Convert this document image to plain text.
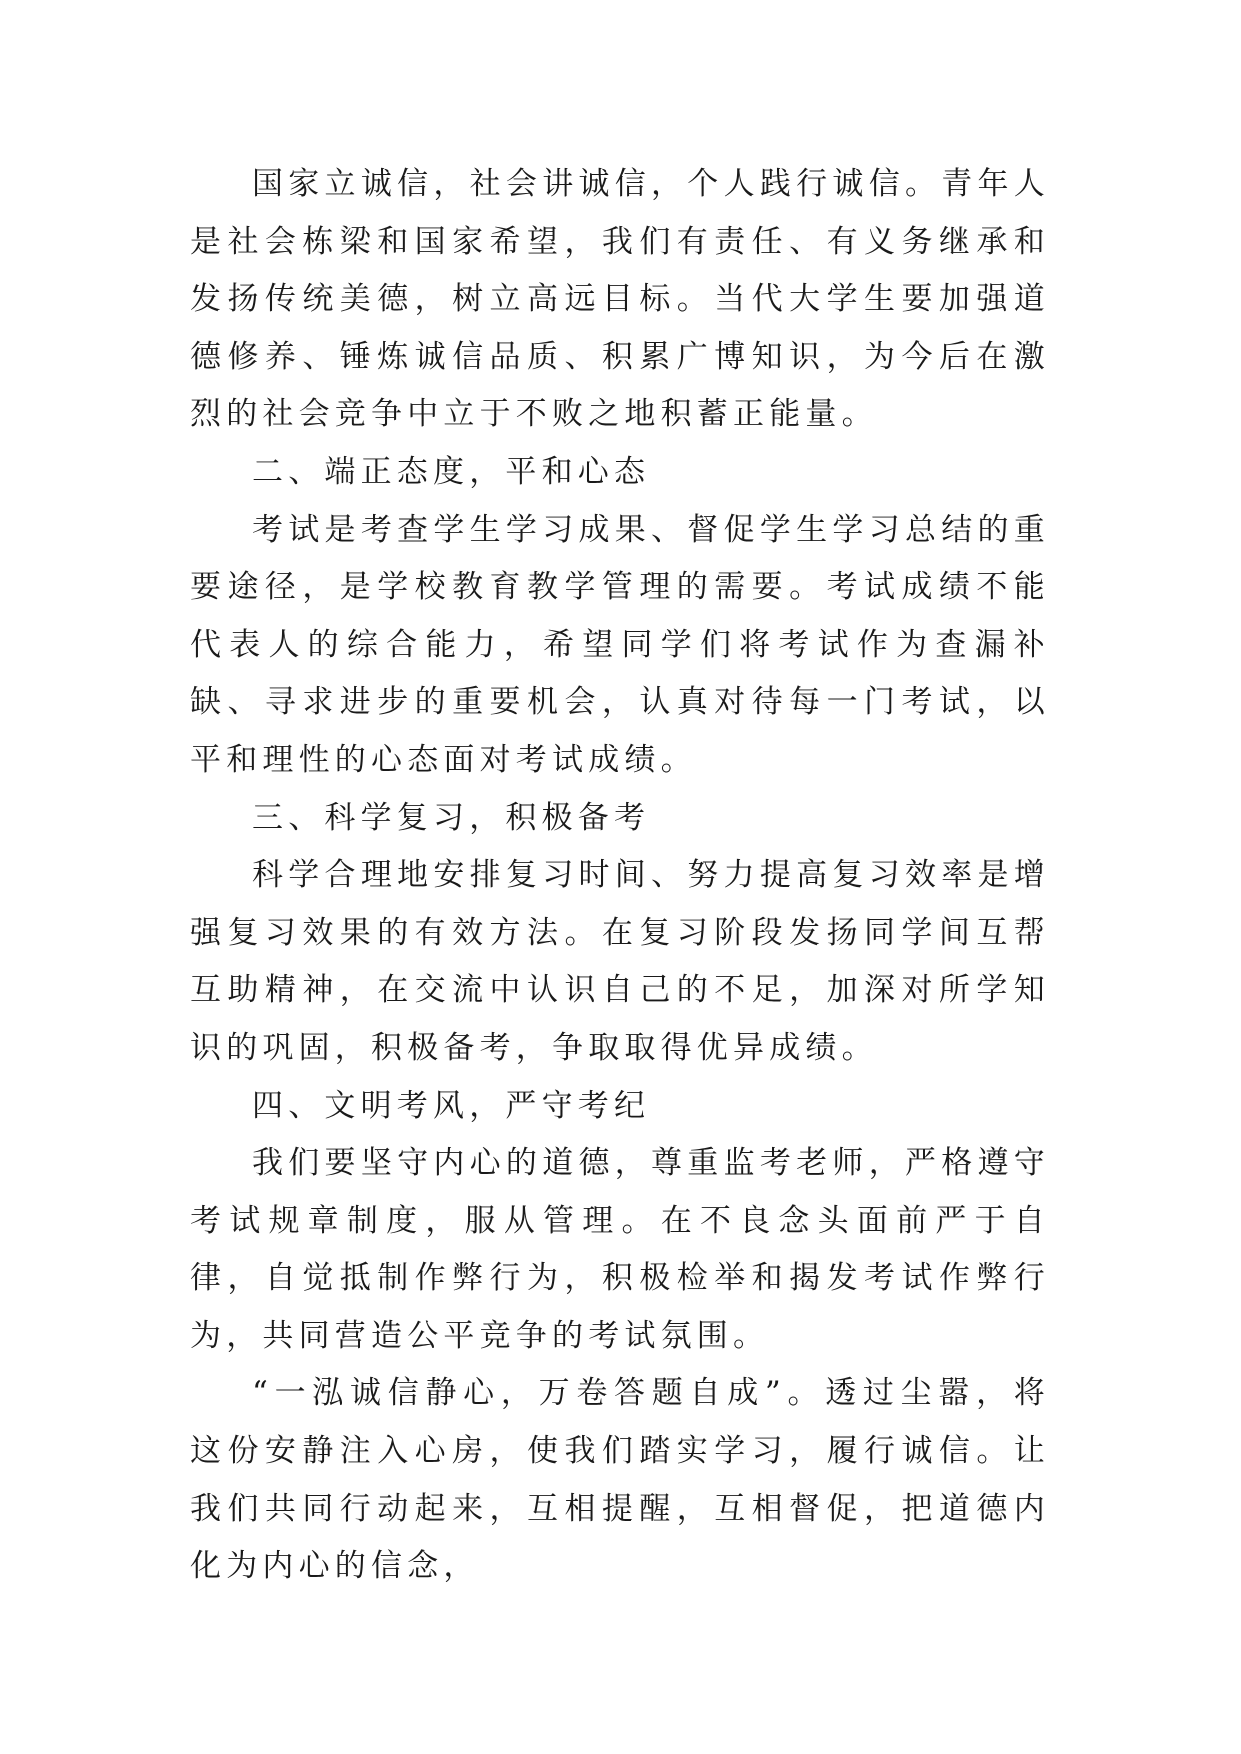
国家立诚信，社会讲诚信，个人践行诚信。青年人是社会栋梁和国家希望，我们有责任、有义务继承和发扬传统美德，树立高远目标。当代大学生要加强道德修养、锤炼诚信品质、积累广博知识，为今后在激烈的社会竞争中立于不败之地积蓄正能量。

二、端正态度，平和心态

考试是考查学生学习成果、督促学生学习总结的重要途径，是学校教育教学管理的需要。考试成绩不能代表人的综合能力，希望同学们将考试作为查漏补缺、寻求进步的重要机会，认真对待每一门考试，以平和理性的心态面对考试成绩。

三、科学复习，积极备考

科学合理地安排复习时间、努力提高复习效率是增强复习效果的有效方法。在复习阶段发扬同学间互帮互助精神，在交流中认识自己的不足，加深对所学知识的巩固，积极备考，争取取得优异成绩。

四、文明考风，严守考纪

我们要坚守内心的道德，尊重监考老师，严格遵守考试规章制度，服从管理。在不良念头面前严于自律，自觉抵制作弊行为，积极检举和揭发考试作弊行为，共同营造公平竞争的考试氛围。

“一泓诚信静心，万卷答题自成”。透过尘嚣，将这份安静注入心房，使我们踏实学习，履行诚信。让我们共同行动起来，互相提醒，互相督促，把道德内化为内心的信念，
